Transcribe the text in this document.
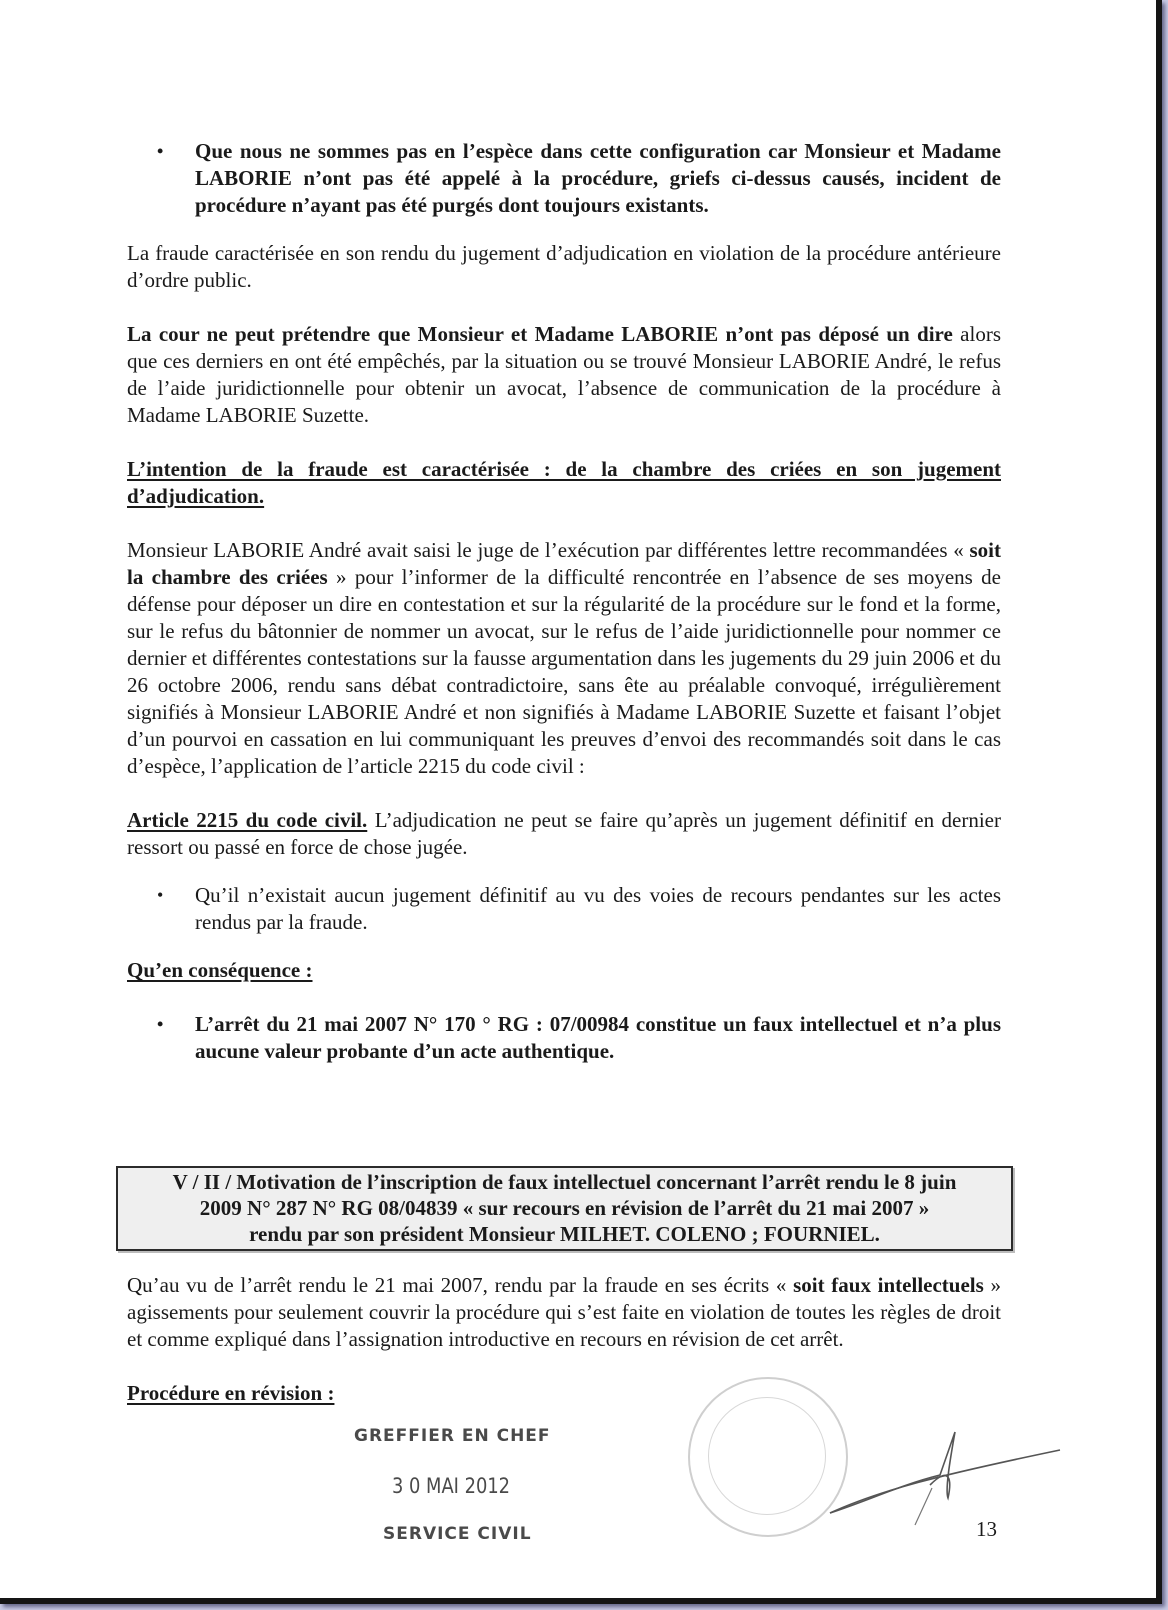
• Que nous ne sommes pas en l’espèce dans cette configuration car Monsieur et Madame LABORIE n’ont pas été appelé à la procédure, griefs ci-dessus causés, incident de procédure n’ayant pas été purgés dont toujours existants.

La fraude caractérisée en son rendu du jugement d’adjudication en violation de la procédure antérieure d’ordre public.

La cour ne peut prétendre que Monsieur et Madame LABORIE n’ont pas déposé un dire alors que ces derniers en ont été empêchés, par la situation ou se trouvé Monsieur LABORIE André, le refus de l’aide juridictionnelle pour obtenir un avocat, l’absence de communication de la procédure à Madame LABORIE Suzette.

L’intention de la fraude est caractérisée : de la chambre des criées en son jugement d’adjudication.

Monsieur LABORIE André avait saisi le juge de l’exécution par différentes lettre recommandées « soit la chambre des criées » pour l’informer de la difficulté rencontrée en l’absence de ses moyens de défense pour déposer un dire en contestation et sur la régularité de la procédure sur le fond et la forme, sur le refus du bâtonnier de nommer un avocat, sur le refus de l’aide juridictionnelle pour nommer ce dernier et différentes contestations sur la fausse argumentation dans les jugements du 29 juin 2006 et du 26 octobre 2006, rendu sans débat contradictoire, sans ête au préalable convoqué, irrégulièrement signifiés à Monsieur LABORIE André et non signifiés à Madame LABORIE Suzette et faisant l’objet d’un pourvoi en cassation en lui communiquant les preuves d’envoi des recommandés soit dans le cas d’espèce, l’application de l’article 2215 du code civil :

Article 2215 du code civil. L’adjudication ne peut se faire qu’après un jugement définitif en dernier ressort ou passé en force de chose jugée.

• Qu’il n’existait aucun jugement définitif au vu des voies de recours pendantes sur les actes rendus par la fraude.

Qu’en conséquence :

• L’arrêt du 21 mai 2007 N° 170 ° RG : 07/00984 constitue un faux intellectuel et n’a plus aucune valeur probante d’un acte authentique.

V / II / Motivation de l’inscription de faux intellectuel concernant l’arrêt rendu le 8 juin
2009 N° 287 N° RG 08/04839 « sur recours en révision de l’arrêt du 21 mai 2007 »
rendu par son président Monsieur MILHET. COLENO ; FOURNIEL.

Qu’au vu de l’arrêt rendu le 21 mai 2007, rendu par la fraude en ses écrits « soit faux intellectuels » agissements pour seulement couvrir la procédure qui s’est faite en violation de toutes les règles de droit et comme expliqué dans l’assignation introductive en recours en révision de cet arrêt.

Procédure en révision :

GREFFIER EN CHEF
3 0 MAI 2012
SERVICE CIVIL	13
